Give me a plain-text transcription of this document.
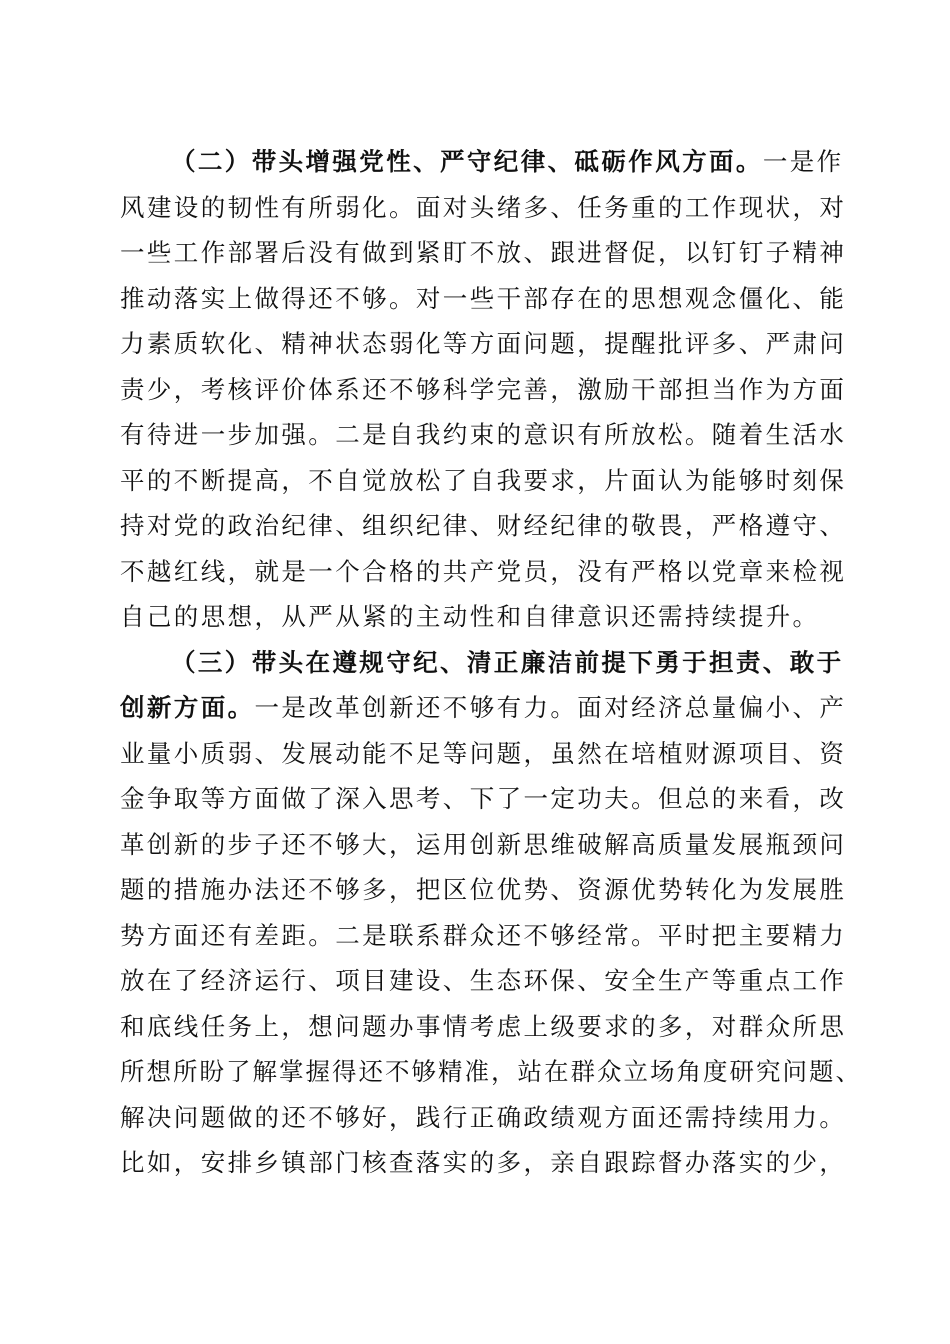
（二）带头增强党性、严守纪律、砥砺作风方面。一是作
风建设的韧性有所弱化。面对头绪多、任务重的工作现状，对
一些工作部署后没有做到紧盯不放、跟进督促，以钉钉子精神
推动落实上做得还不够。对一些干部存在的思想观念僵化、能
力素质软化、精神状态弱化等方面问题，提醒批评多、严肃问
责少，考核评价体系还不够科学完善，激励干部担当作为方面
有待进一步加强。二是自我约束的意识有所放松。随着生活水
平的不断提高，不自觉放松了自我要求，片面认为能够时刻保
持对党的政治纪律、组织纪律、财经纪律的敬畏，严格遵守、
不越红线，就是一个合格的共产党员，没有严格以党章来检视
自己的思想，从严从紧的主动性和自律意识还需持续提升。
（三）带头在遵规守纪、清正廉洁前提下勇于担责、敢于
创新方面。一是改革创新还不够有力。面对经济总量偏小、产
业量小质弱、发展动能不足等问题，虽然在培植财源项目、资
金争取等方面做了深入思考、下了一定功夫。但总的来看，改
革创新的步子还不够大，运用创新思维破解高质量发展瓶颈问
题的措施办法还不够多，把区位优势、资源优势转化为发展胜
势方面还有差距。二是联系群众还不够经常。平时把主要精力
放在了经济运行、项目建设、生态环保、安全生产等重点工作
和底线任务上，想问题办事情考虑上级要求的多，对群众所思
所想所盼了解掌握得还不够精准，站在群众立场角度研究问题、
解决问题做的还不够好，践行正确政绩观方面还需持续用力。
比如，安排乡镇部门核查落实的多，亲自跟踪督办落实的少，
